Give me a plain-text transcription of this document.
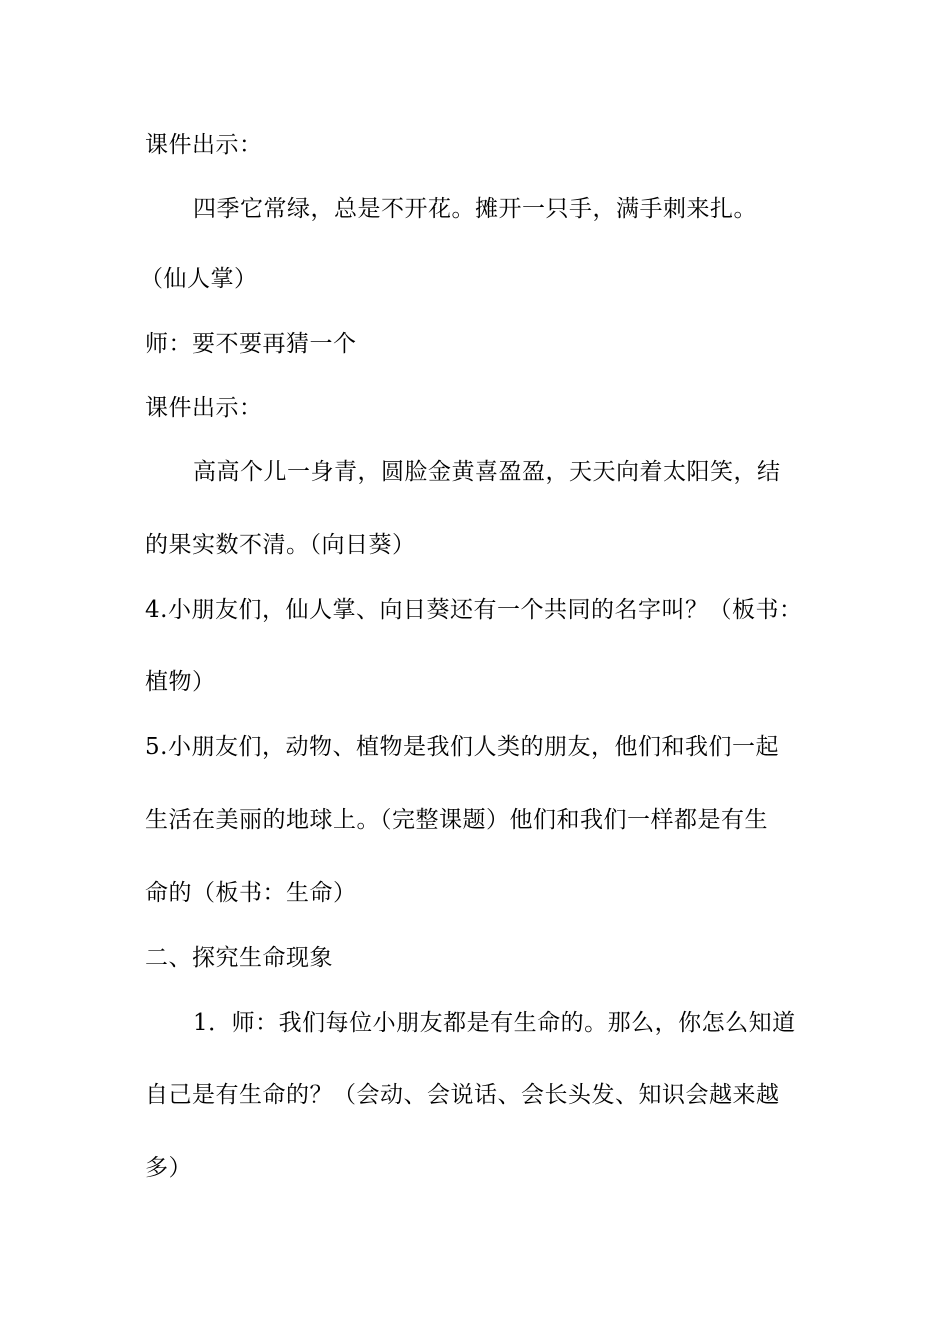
课件出示：
四季它常绿，总是不开花。摊开一只手，满手刺来扎。
（仙人掌）
师：要不要再猜一个
课件出示：
高高个儿一身青，圆脸金黄喜盈盈，天天向着太阳笑，结
的果实数不清。（向日葵）
4.小朋友们，仙人掌、向日葵还有一个共同的名字叫？（板书：
植物）
5.小朋友们，动物、植物是我们人类的朋友，他们和我们一起
生活在美丽的地球上。（完整课题）他们和我们一样都是有生
命的（板书：生命）
二、探究生命现象
1．师：我们每位小朋友都是有生命的。那么，你怎么知道
自己是有生命的？（会动、会说话、会长头发、知识会越来越
多）
